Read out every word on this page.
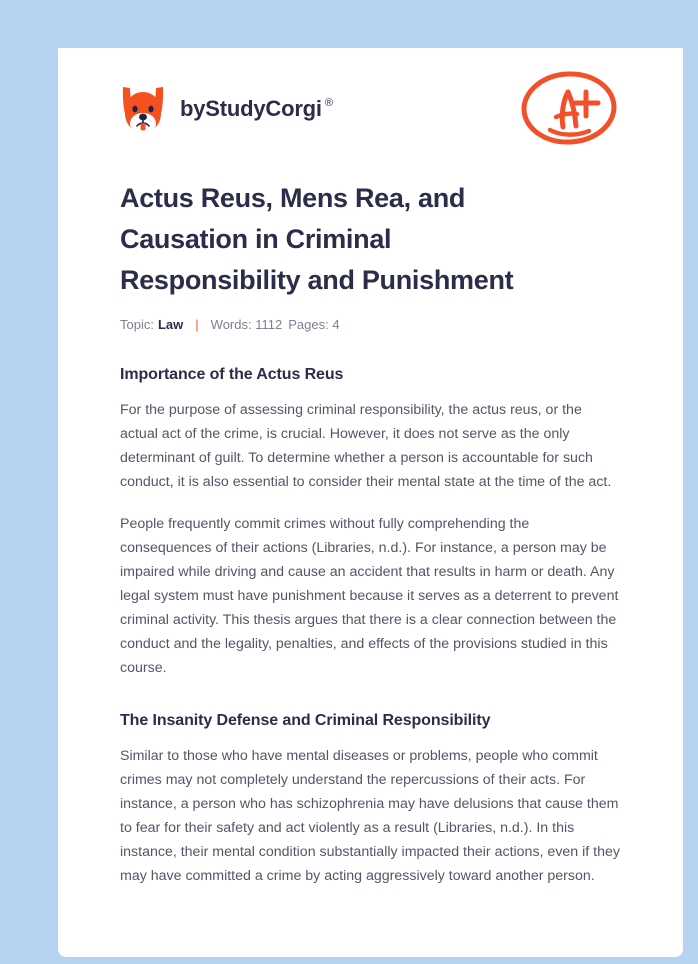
by StudyCorgi ®
Actus Reus, Mens Rea, and Causation in Criminal Responsibility and Punishment
Topic: Law | Words: 1112 Pages: 4
Importance of the Actus Reus

For the purpose of assessing criminal responsibility, the actus reus, or the actual act of the crime, is crucial. However, it does not serve as the only determinant of guilt. To determine whether a person is accountable for such conduct, it is also essential to consider their mental state at the time of the act.

People frequently commit crimes without fully comprehending the consequences of their actions (Libraries, n.d.). For instance, a person may be impaired while driving and cause an accident that results in harm or death. Any legal system must have punishment because it serves as a deterrent to prevent criminal activity. This thesis argues that there is a clear connection between the conduct and the legality, penalties, and effects of the provisions studied in this course.

The Insanity Defense and Criminal Responsibility

Similar to those who have mental diseases or problems, people who commit crimes may not completely understand the repercussions of their acts. For instance, a person who has schizophrenia may have delusions that cause them to fear for their safety and act violently as a result (Libraries, n.d.). In this instance, their mental condition substantially impacted their actions, even if they may have committed a crime by acting aggressively toward another person.
